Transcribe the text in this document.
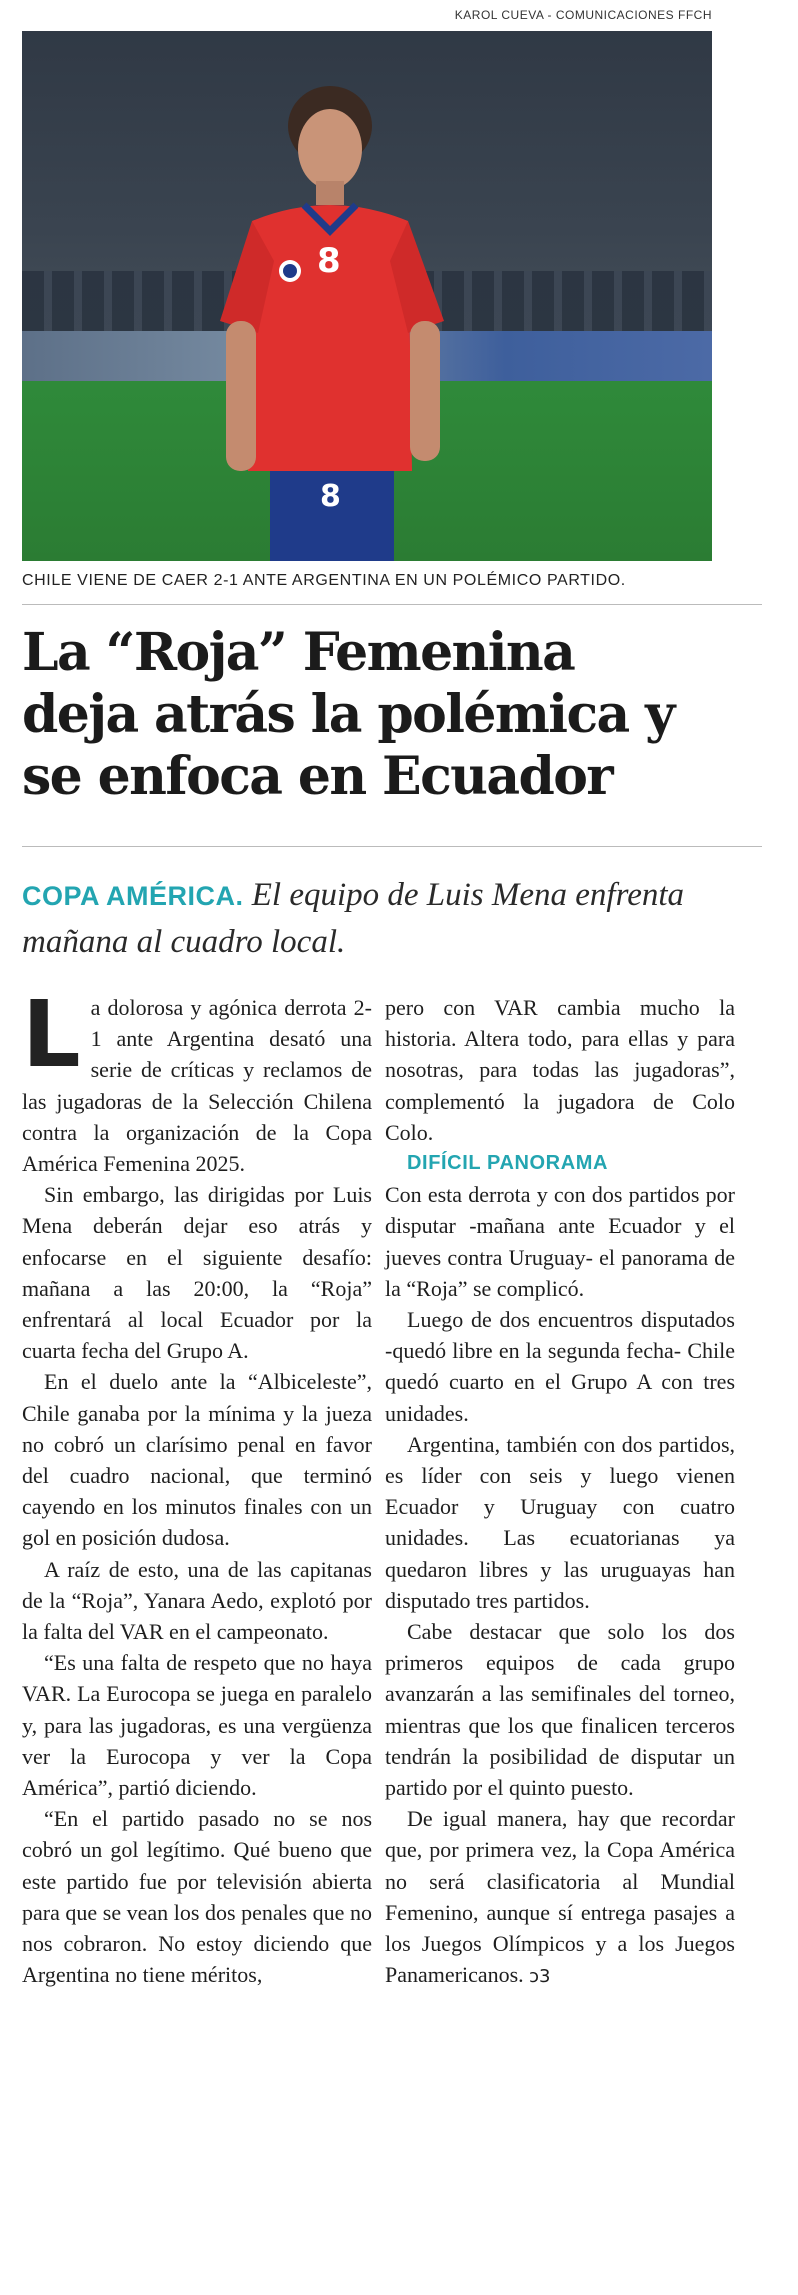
KAROL CUEVA - COMUNICACIONES FFCH
8
8

CHILE VIENE DE CAER 2-1 ANTE ARGENTINA EN UN POLÉMICO PARTIDO.

La “Roja” Femenina
deja atrás la polémica y
se enfoca en Ecuador

COPA AMÉRICA. El equipo de Luis Mena enfrenta mañana al cuadro local.

La dolorosa y agónica derrota 2-1 ante Argentina desató una serie de críticas y reclamos de las jugadoras de la Selección Chilena contra la organización de la Copa América Femenina 2025.

Sin embargo, las dirigidas por Luis Mena deberán dejar eso atrás y enfocarse en el siguiente desafío: mañana a las 20:00, la “Roja” enfrentará al local Ecuador por la cuarta fecha del Grupo A.

En el duelo ante la “Albiceleste”, Chile ganaba por la mínima y la jueza no cobró un clarísimo penal en favor del cuadro nacional, que terminó cayendo en los minutos finales con un gol en posición dudosa.

A raíz de esto, una de las capitanas de la “Roja”, Yanara Aedo, explotó por la falta del VAR en el campeonato.

“Es una falta de respeto que no haya VAR. La Eurocopa se juega en paralelo y, para las jugadoras, es una vergüenza ver la Eurocopa y ver la Copa América”, partió diciendo.

“En el partido pasado no se nos cobró un gol legítimo. Qué bueno que este partido fue por televisión abierta para que se vean los dos penales que no nos cobraron. No estoy diciendo que Argentina no tiene méritos,

pero con VAR cambia mucho la historia. Altera todo, para ellas y para nosotras, para todas las jugadoras”, complementó la jugadora de Colo Colo.

DIFÍCIL PANORAMA

Con esta derrota y con dos partidos por disputar -mañana ante Ecuador y el jueves contra Uruguay- el panorama de la “Roja” se complicó.

Luego de dos encuentros disputados -quedó libre en la segunda fecha- Chile quedó cuarto en el Grupo A con tres unidades.

Argentina, también con dos partidos, es líder con seis y luego vienen Ecuador y Uruguay con cuatro unidades. Las ecuatorianas ya quedaron libres y las uruguayas han disputado tres partidos.

Cabe destacar que solo los dos primeros equipos de cada grupo avanzarán a las semifinales del torneo, mientras que los que finalicen terceros tendrán la posibilidad de disputar un partido por el quinto puesto.

De igual manera, hay que recordar que, por primera vez, la Copa América no será clasificatoria al Mundial Femenino, aunque sí entrega pasajes a los Juegos Olímpicos y a los Juegos Panamericanos. ↄ3
